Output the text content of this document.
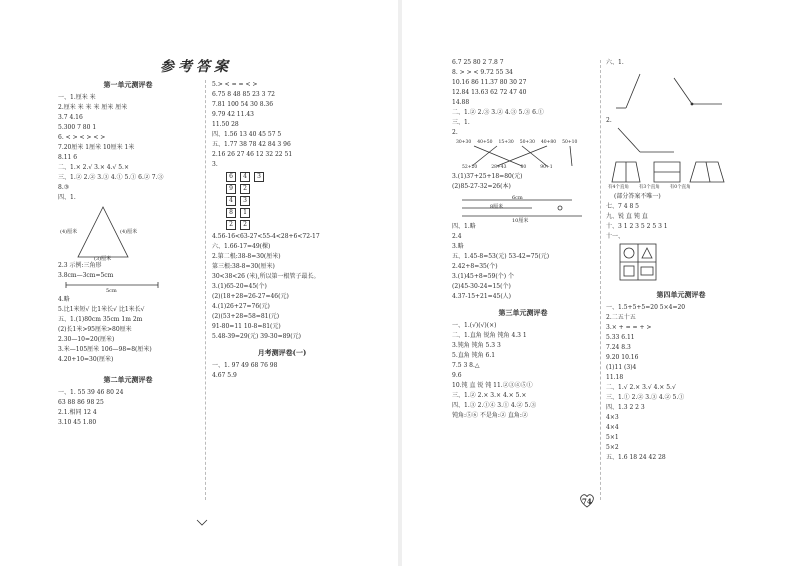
参考答案
第一单元测评卷
一、1.厘米 米
2.厘米 米 米 米 厘米 厘米
3.7 4.16
5.300 7 80 1
6. < > < > < >
7.20厘米 1厘米 10厘米 1米
8.11 6
二、1.× 2.√ 3.× 4.√ 5.×
三、1.② 2.② 3.③ 4.① 5.① 6.② 7.③
8.③
四、1.
(4)厘米	(4)厘米
(3)厘米
2.3 示例:三角形
3.8cm—3cm=5cm
5cm
4.略
5.比1米短√ 比1米长√ 比1米长√
五、1.(1)80cm 35cm 1m 2m
(2)长1米>95厘米>80厘米
2.30—10=20(厘米)
3.米—105厘米 106—98=8(厘米)
4.20+10=30(厘米)
第二单元测评卷
一、1. 55 39 46 80 24
63 88 86 98 25
2.1.相同 12 4
3.10 45 1.80
5.> < = = < >
6.75 8 48 85 23 3 72
7.81 100 54 30 8.36
9.79 42 11.43
11.50 28
四、1.56 13 40 45 57 5
五、1.77 38 78 42 84 3 96
2.16 26 27 46 12 32 22 51
3.
6 4 3
9 2
4 3
8 1
2 2
4.56-16<63-27<55-4<28+6<72-17
六、1.66-17=49(棵)
2.第二根:38-8=30(厘米)
第三根:38-8=30(厘米)
30<38<26 (米),所以第一根管子最长。
3.(1)65-20=45(个)
(2)(18+28=26-27=46(元)
4.(1)26+27=76(元)
(2)(53+28=58=81(元)
91-80=11 10-8=81(元)
5.48-39=29(元) 39-30=89(元)
月考测评卷(一)
一、1. 97 49 68 76 98
4.67 5.9
6.7 25 80 2 7.8 7
8. > > < 9.72 55 34
10.16 86 11.37 80 30 27
12.84 13.63 62 72 47 40
14.88
二、1.② 2.③ 3.② 4.③ 5.③ 6.①
三、1.
2.
30+30 40+50 15+30 50+30 40+80 50+10
52+20	28+43	80	90+1
3.(1)37+25+18=80(元)
(2)85-27-32=26(本)
6cm
8厘米
10厘米
四、1.略
2.4
3.略
五、1.45-8=53(元) 53-42=75(元)
2.42+8=35(个)
3.(1)45+8=59(个) 个
(2)45-30-24=15(个)
4.37-15+21=45(人)
第三单元测评卷
一、1.(√)(√)(×)
二、1.直角 锐角 钝角 4.3 1
3.钝角 钝角 5.3 3
5.直角 钝角 6.1
7.5 3 8.△
9.6
10.钝 直 锐 钝 11.②③④⑤①
三、1.② 2.× 3.× 4.× 5.×
四、1.③ 2.①④ 3.① 4.② 5.③
钝角:⑤⑥ 不是角:② 直角:②
六、1.
2.
有4个直角 有3个直角 有0个直角
(部分答案不唯一)
七、7 4 8 5
九、锐 直 钝 直
十、3 1 2 3 5 2 5 3 1
十一、
第四单元测评卷
一、1.5+5+5=20 5×4=20
2.二五十五
3.× + = = + >
5.33 6.11
7.24 8.3
9.20 10.16
(1)11 (3)4
11.18
二、1.√ 2.× 3.√ 4.× 5.√
三、1.① 2.② 3.③ 4.② 5.①
四、1.3 2 2 3
4×3
4×4
5×1
5×2
五、1.6 18 24 42 28
74
